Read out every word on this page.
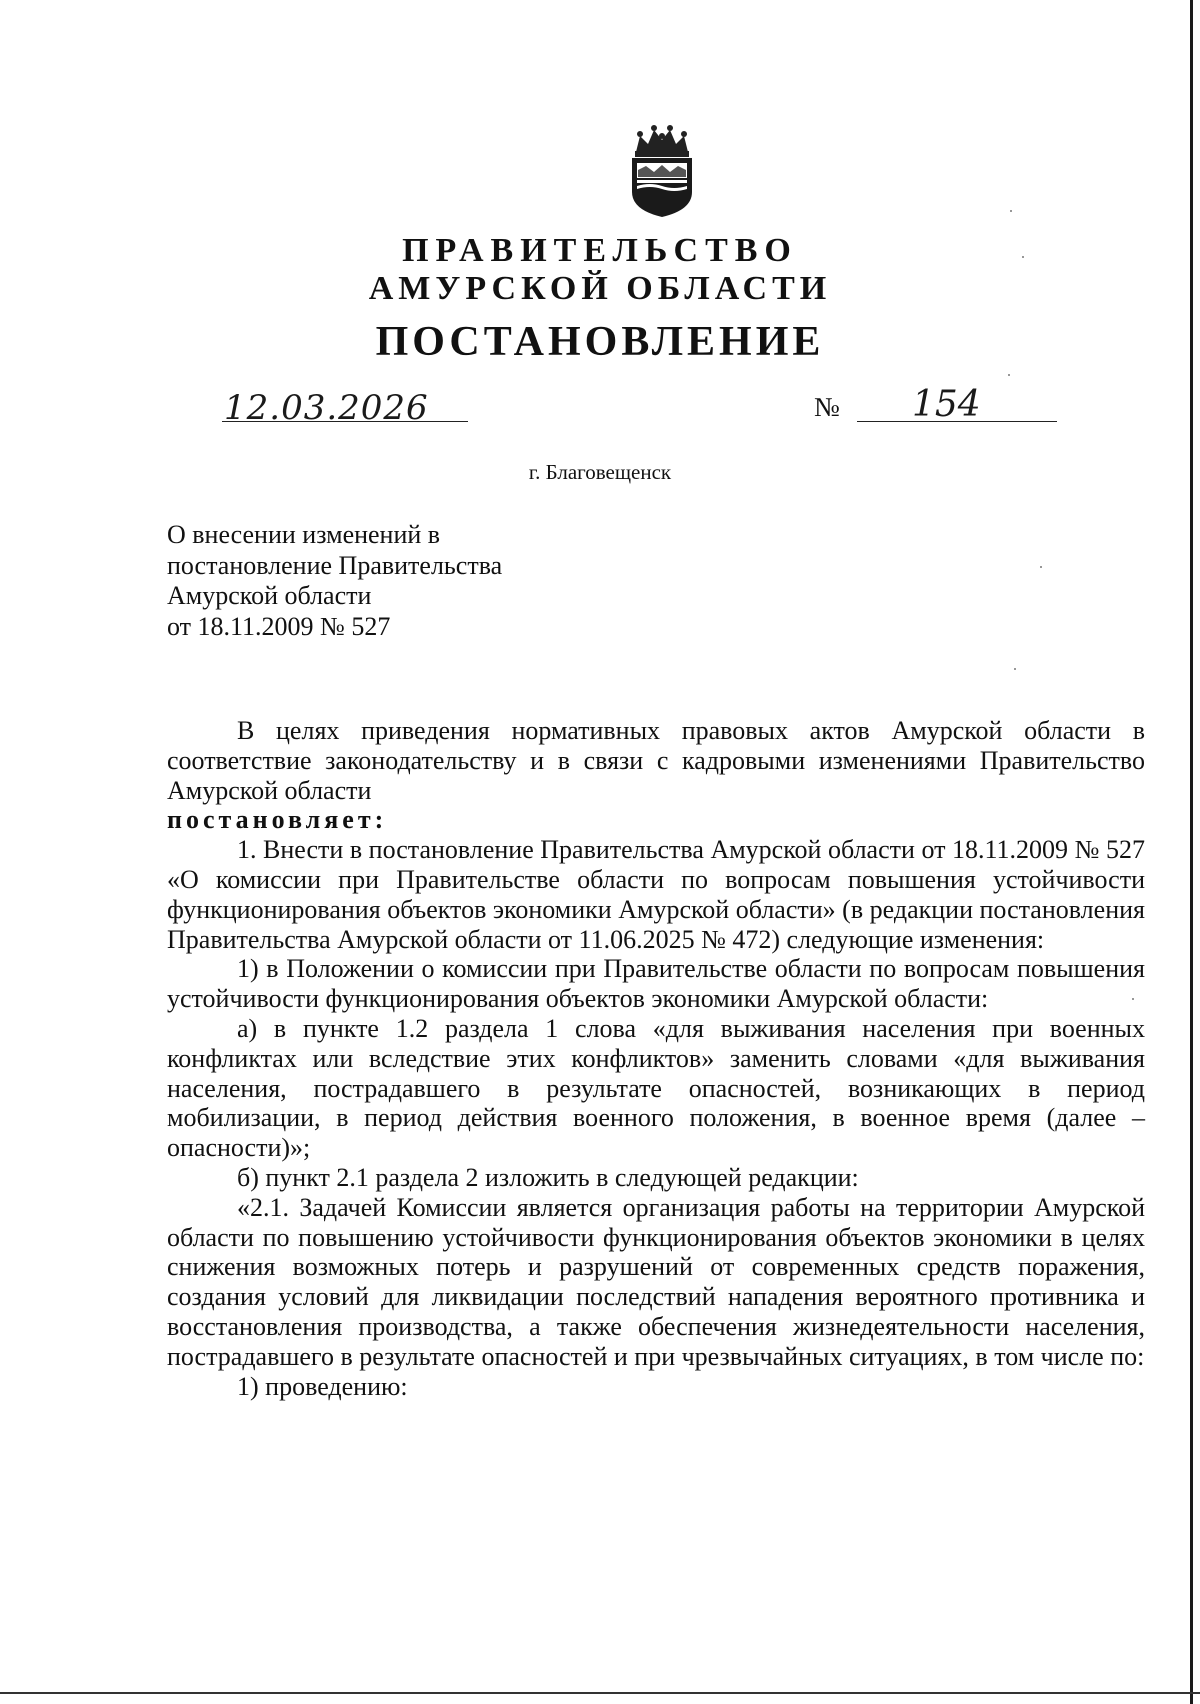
ПРАВИТЕЛЬСТВО
АМУРСКОЙ ОБЛАСТИ
ПОСТАНОВЛЕНИЕ
12.03.2026	№ 154
г. Благовещенск
О внесении изменений в
постановление Правительства
Амурской области
от 18.11.2009 № 527

В целях приведения нормативных правовых актов Амурской области в соответствие законодательству и в связи с кадровыми изменениями Правительство Амурской области

постановляет:

1. Внести в постановление Правительства Амурской области от 18.11.2009 № 527 «О комиссии при Правительстве области по вопросам повышения устойчивости функционирования объектов экономики Амурской области» (в редакции постановления Правительства Амурской области от 11.06.2025 № 472) следующие изменения:

1) в Положении о комиссии при Правительстве области по вопросам повышения устойчивости функционирования объектов экономики Амурской области:

а) в пункте 1.2 раздела 1 слова «для выживания населения при военных конфликтах или вследствие этих конфликтов» заменить словами «для выживания населения, пострадавшего в результате опасностей, возникающих в период мобилизации, в период действия военного положения, в военное время (далее – опасности)»;

б) пункт 2.1 раздела 2 изложить в следующей редакции:

«2.1. Задачей Комиссии является организация работы на территории Амурской области по повышению устойчивости функционирования объектов экономики в целях снижения возможных потерь и разрушений от современных средств поражения, создания условий для ликвидации последствий нападения вероятного противника и восстановления производства, а также обеспечения жизнедеятельности населения, пострадавшего в результате опасностей и при чрезвычайных ситуациях, в том числе по:

1) проведению:
